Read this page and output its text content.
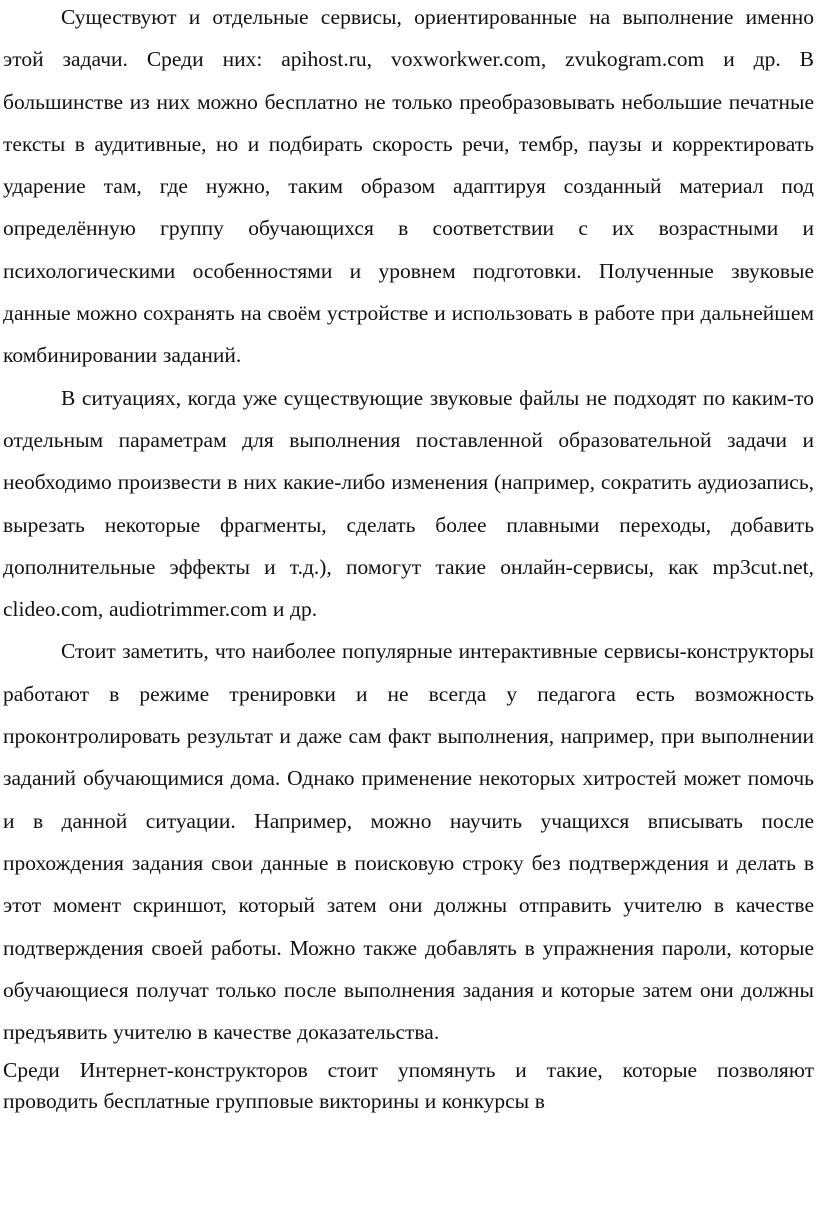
Существуют и отдельные сервисы, ориентированные на выполнение именно этой задачи. Среди них: apihost.ru, voxworkwer.com, zvukogram.com и др. В большинстве из них можно бесплатно не только преобразовывать небольшие печатные тексты в аудитивные, но и подбирать скорость речи, тембр, паузы и корректировать ударение там, где нужно, таким образом адаптируя созданный материал под определённую группу обучающихся в соответствии с их возрастными и психологическими особенностями и уровнем подготовки. Полученные звуковые данные можно сохранять на своём устройстве и использовать в работе при дальнейшем комбинировании заданий.

В ситуациях, когда уже существующие звуковые файлы не подходят по каким-то отдельным параметрам для выполнения поставленной образовательной задачи и необходимо произвести в них какие-либо изменения (например, сократить аудиозапись, вырезать некоторые фрагменты, сделать более плавными переходы, добавить дополнительные эффекты и т.д.), помогут такие онлайн-сервисы, как mp3cut.net, clideo.com, audiotrimmer.com и др.

Стоит заметить, что наиболее популярные интерактивные сервисы-конструкторы работают в режиме тренировки и не всегда у педагога есть возможность проконтролировать результат и даже сам факт выполнения, например, при выполнении заданий обучающимися дома. Однако применение некоторых хитростей может помочь и в данной ситуации. Например, можно научить учащихся вписывать после прохождения задания свои данные в поисковую строку без подтверждения и делать в этот момент скриншот, который затем они должны отправить учителю в качестве подтверждения своей работы. Можно также добавлять в упражнения пароли, которые обучающиеся получат только после выполнения задания и которые затем они должны предъявить учителю в качестве доказательства.

Среди Интернет-конструкторов стоит упомянуть и такие, которые позволяют проводить бесплатные групповые викторины и конкурсы в
